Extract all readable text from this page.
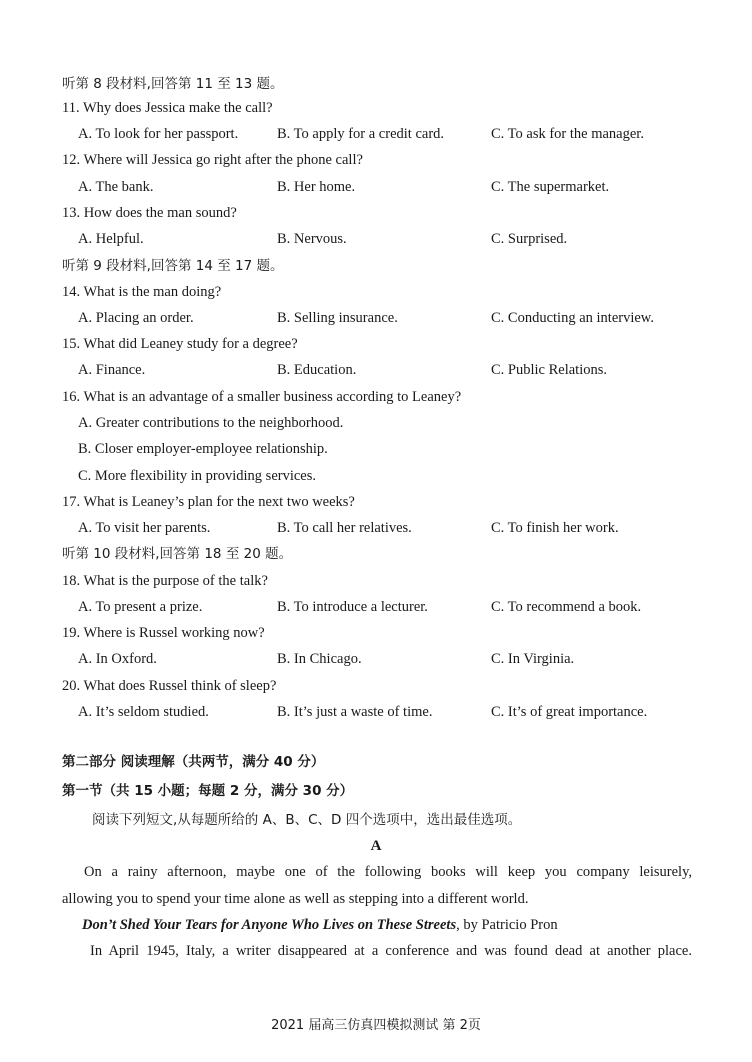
听第 8 段材料,回答第 11 至 13 题。
11. Why does Jessica make the call?
A. To look for her passport.	B. To apply for a credit card.	C. To ask for the manager.
12. Where will Jessica go right after the phone call?
A. The bank.	B. Her home.	C. The supermarket.
13. How does the man sound?
A. Helpful.	B. Nervous.	C. Surprised.
听第 9 段材料,回答第 14 至 17 题。
14. What is the man doing?
A. Placing an order.	B. Selling insurance.	C. Conducting an interview.
15. What did Leaney study for a degree?
A. Finance.	B. Education.	C. Public Relations.
16. What is an advantage of a smaller business according to Leaney?
A. Greater contributions to the neighborhood.
B. Closer employer-employee relationship.
C. More flexibility in providing services.
17. What is Leaney’s plan for the next two weeks?
A. To visit her parents.	B. To call her relatives.	C. To finish her work.
听第 10 段材料,回答第 18 至 20 题。
18. What is the purpose of the talk?
A. To present a prize.	B. To introduce a lecturer.	C. To recommend a book.
19. Where is Russel working now?
A. In Oxford.	B. In Chicago.	C. In Virginia.
20. What does Russel think of sleep?
A. It’s seldom studied.	B. It’s just a waste of time.	C. It’s of great importance.
第二部分 阅读理解（共两节，满分 40 分）
第一节（共 15 小题；每题 2 分，满分 30 分）
阅读下列短文,从每题所给的 A、B、C、D 四个选项中，选出最佳选项。
A
On a rainy afternoon, maybe one of the following books will keep you company leisurely,
allowing you to spend your time alone as well as stepping into a different world.
Don’t Shed Your Tears for Anyone Who Lives on These Streets, by Patricio Pron
In April 1945, Italy, a writer disappeared at a conference and was found dead at another place.
2021 届高三仿真四模拟测试 第 2页
